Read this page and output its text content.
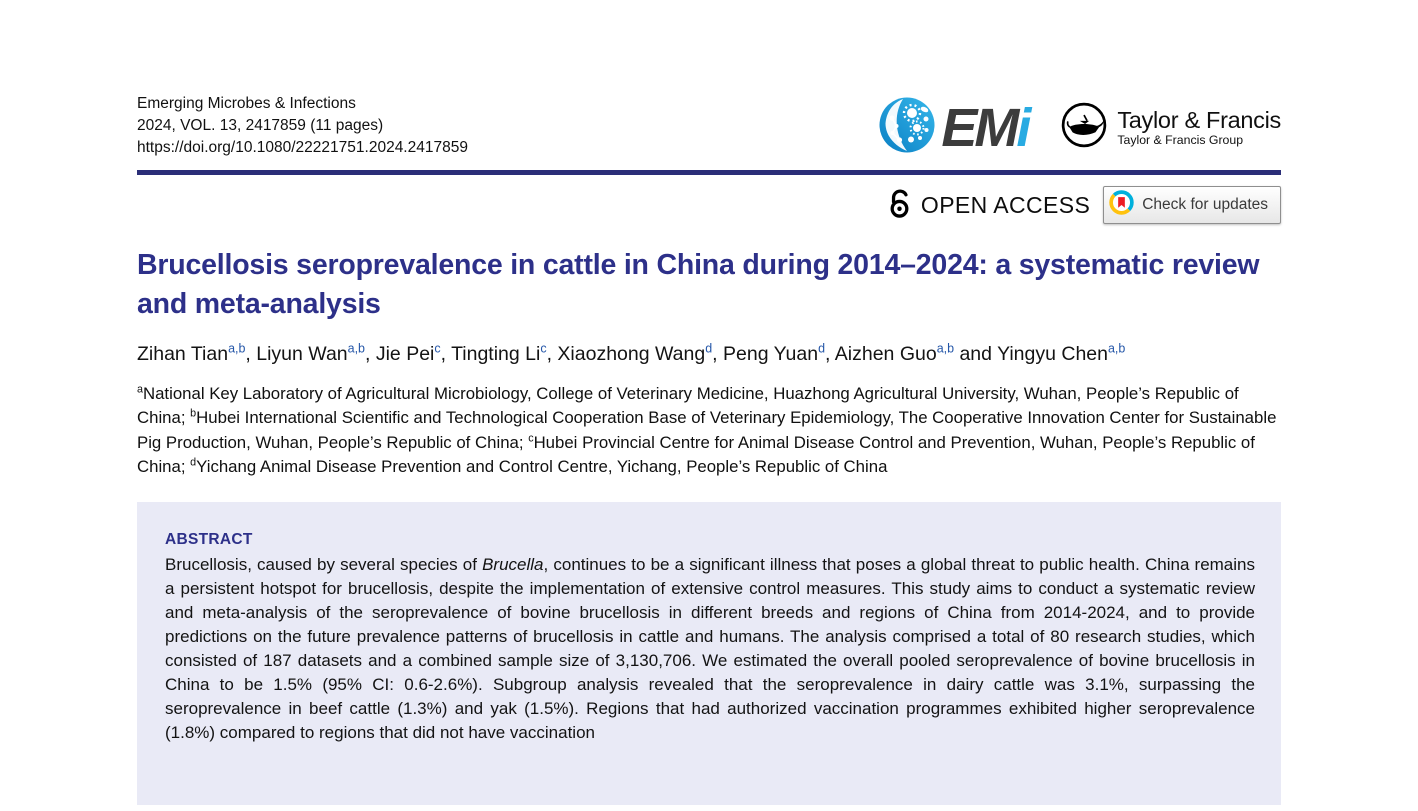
Emerging Microbes & Infections
2024, VOL. 13, 2417859 (11 pages)
https://doi.org/10.1080/22221751.2024.2417859	EMi	Taylor & Francis
Taylor & Francis Group
OPEN ACCESS	Check for updates
Brucellosis seroprevalence in cattle in China during 2014–2024: a systematic review and meta-analysis

Zihan Tian$^{a,b}$, Liyun Wan$^{a,b}$, Jie Pei$^c$, Tingting Li$^c$, Xiaozhong Wang$^d$, Peng Yuan$^d$, Aizhen Guo$^{a,b}$ and Yingyu Chen$^{a,b}$

$^a$National Key Laboratory of Agricultural Microbiology, College of Veterinary Medicine, Huazhong Agricultural University, Wuhan, People’s Republic of China; $^b$Hubei International Scientific and Technological Cooperation Base of Veterinary Epidemiology, The Cooperative Innovation Center for Sustainable Pig Production, Wuhan, People’s Republic of China; $^c$Hubei Provincial Centre for Animal Disease Control and Prevention, Wuhan, People’s Republic of China; $^d$Yichang Animal Disease Prevention and Control Centre, Yichang, People’s Republic of China

ABSTRACT

Brucellosis, caused by several species of Brucella, continues to be a significant illness that poses a global threat to public health. China remains a persistent hotspot for brucellosis, despite the implementation of extensive control measures. This study aims to conduct a systematic review and meta-analysis of the seroprevalence of bovine brucellosis in different breeds and regions of China from 2014-2024, and to provide predictions on the future prevalence patterns of brucellosis in cattle and humans. The analysis comprised a total of 80 research studies, which consisted of 187 datasets and a combined sample size of 3,130,706. We estimated the overall pooled seroprevalence of bovine brucellosis in China to be 1.5% (95% CI: 0.6-2.6%). Subgroup analysis revealed that the seroprevalence in dairy cattle was 3.1%, surpassing the seroprevalence in beef cattle (1.3%) and yak (1.5%). Regions that had authorized vaccination programmes exhibited higher seroprevalence (1.8%) compared to regions that did not have vaccination
